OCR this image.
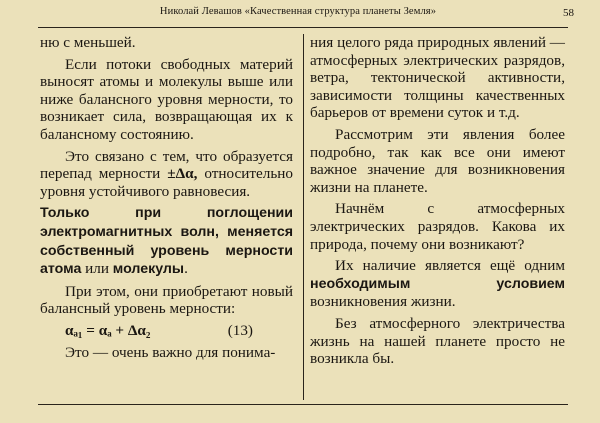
Николай Левашов «Качественная структура планеты Земля»	58

ню с меньшей.

Если потоки свободных материй выносят атомы и молекулы выше или ниже балансного уровня мерности, то возникает сила, возвращающая их к балансному состоянию.

Это связано с тем, что образуется перепад мерности ±Δα, относительно уровня устойчивого равновесия.

Только при поглощении электромагнитных волн, меняется собственный уровень мерности атома или молекулы.

При этом, они приобретают новый балансный уровень мерности:

αₐ₁ = αₐ + Δα₂	(13)

Это — очень важно для понима-

ния целого ряда природных явлений — атмосферных электрических разрядов, ветра, тектонической активности, зависимости толщины качественных барьеров от времени суток и т.д.

Рассмотрим эти явления более подробно, так как все они имеют важное значение для возникновения жизни на планете.

Начнём с атмосферных электрических разрядов. Какова их природа, почему они возникают?

Их наличие является ещё одним необходимым условием возникновения жизни.

Без атмосферного электричества жизнь на нашей планете просто не возникла бы.
